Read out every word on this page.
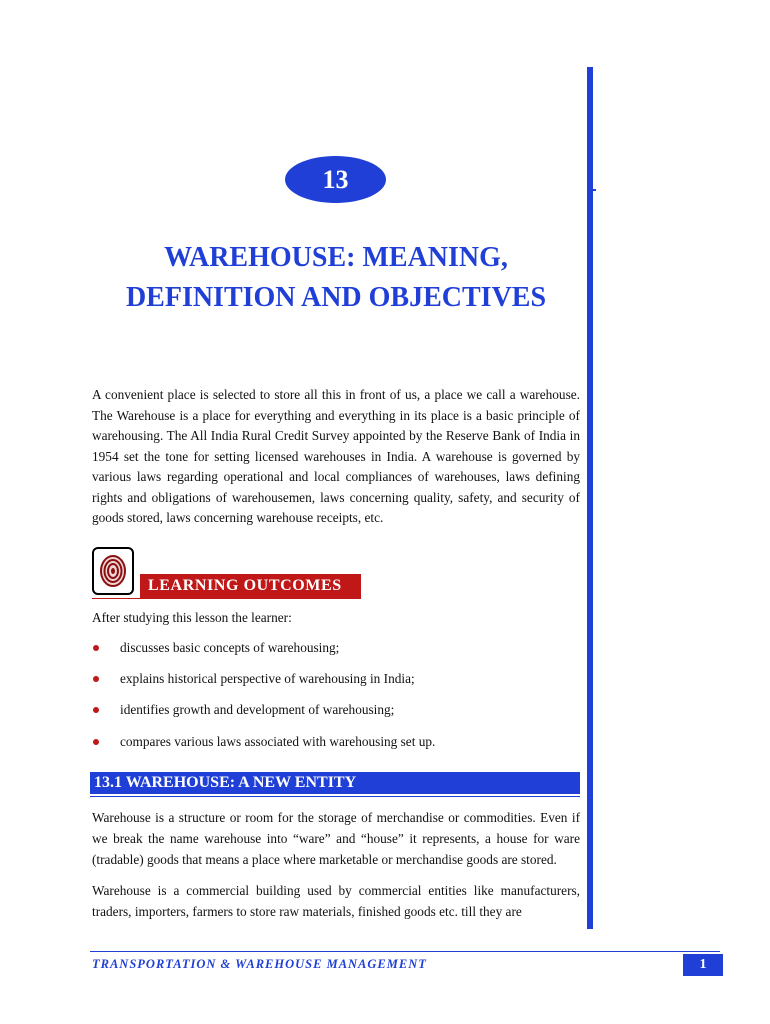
13
WAREHOUSE: MEANING,
DEFINITION AND OBJECTIVES

A convenient place is selected to store all this in front of us, a place we call a warehouse. The Warehouse is a place for everything and everything in its place is a basic principle of warehousing. The All India Rural Credit Survey appointed by the Reserve Bank of India in 1954 set the tone for setting licensed warehouses in India. A warehouse is governed by various laws regarding operational and local compliances of warehouses, laws defining rights and obligations of warehousemen, laws concerning quality, safety, and security of goods stored, laws concerning warehouse receipts, etc.

LEARNING OUTCOMES

After studying this lesson the learner:

discusses basic concepts of warehousing;
explains historical perspective of warehousing in India;
identifies growth and development of warehousing;
compares various laws associated with warehousing set up.
13.1 WAREHOUSE: A NEW ENTITY

Warehouse is a structure or room for the storage of merchandise or commodities. Even if we break the name warehouse into “ware” and “house” it represents, a house for ware (tradable) goods that means a place where marketable or merchandise goods are stored.

Warehouse is a commercial building used by commercial entities like manufacturers, traders, importers, farmers to store raw materials, finished goods etc. till they are

TRANSPORTATION & WAREHOUSE MANAGEMENT	1
